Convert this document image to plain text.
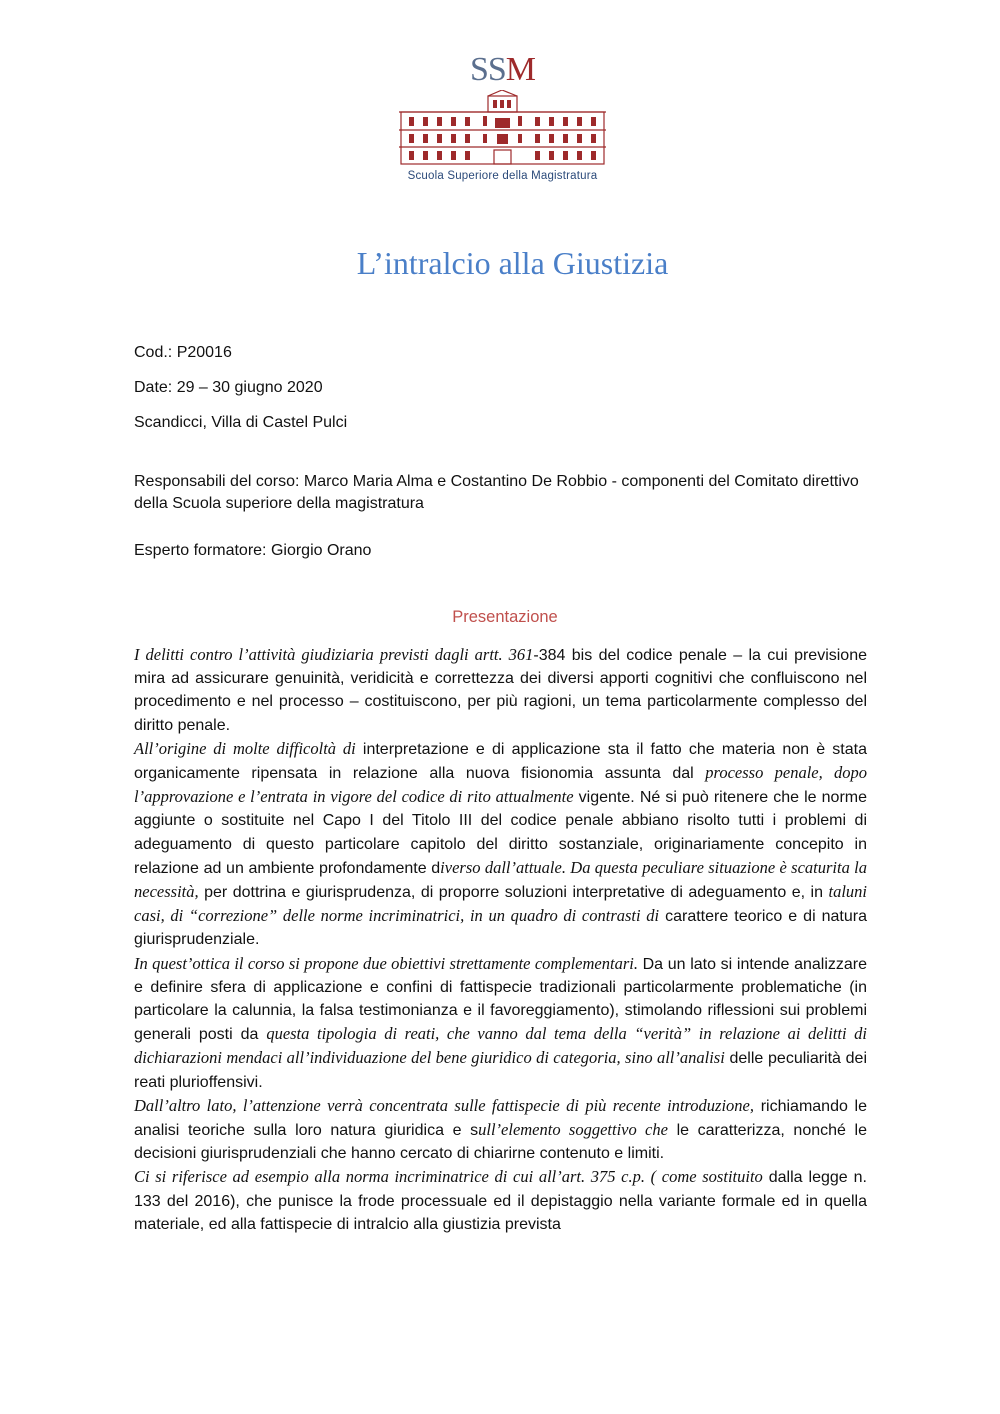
SSM
Scuola Superiore della Magistratura
L’intralcio alla Giustizia
Cod.: P20016
Date: 29 – 30 giugno 2020
Scandicci, Villa di Castel Pulci
Responsabili del corso: Marco Maria Alma e Costantino De Robbio - componenti del Comitato direttivo della Scuola superiore della magistratura
Esperto formatore: Giorgio Orano
Presentazione

I delitti contro l’attività giudiziaria previsti dagli artt. 361-384 bis del codice penale – la cui previsione mira ad assicurare genuinità, veridicità e correttezza dei diversi apporti cognitivi che confluiscono nel procedimento e nel processo – costituiscono, per più ragioni, un tema particolarmente complesso del diritto penale.

All’origine di molte difficoltà di interpretazione e di applicazione sta il fatto che materia non è stata organicamente ripensata in relazione alla nuova fisionomia assunta dal processo penale, dopo l’approvazione e l’entrata in vigore del codice di rito attualmente vigente. Né si può ritenere che le norme aggiunte o sostituite nel Capo I del Titolo III del codice penale abbiano risolto tutti i problemi di adeguamento di questo particolare capitolo del diritto sostanziale, originariamente concepito in relazione ad un ambiente profondamente diverso dall’attuale. Da questa peculiare situazione è scaturita la necessità, per dottrina e giurisprudenza, di proporre soluzioni interpretative di adeguamento e, in taluni casi, di “correzione” delle norme incriminatrici, in un quadro di contrasti di carattere teorico e di natura giurisprudenziale.

In quest’ottica il corso si propone due obiettivi strettamente complementari. Da un lato si intende analizzare e definire sfera di applicazione e confini di fattispecie tradizionali particolarmente problematiche (in particolare la calunnia, la falsa testimonianza e il favoreggiamento), stimolando riflessioni sui problemi generali posti da questa tipologia di reati, che vanno dal tema della “verità” in relazione ai delitti di dichiarazioni mendaci all’individuazione del bene giuridico di categoria, sino all’analisi delle peculiarità dei reati plurioffensivi.

Dall’altro lato, l’attenzione verrà concentrata sulle fattispecie di più recente introduzione, richiamando le analisi teoriche sulla loro natura giuridica e sull’elemento soggettivo che le caratterizza, nonché le decisioni giurisprudenziali che hanno cercato di chiarirne contenuto e limiti.

Ci si riferisce ad esempio alla norma incriminatrice di cui all’art. 375 c.p. ( come sostituito dalla legge n. 133 del 2016), che punisce la frode processuale ed il depistaggio nella variante formale ed in quella materiale, ed alla fattispecie di intralcio alla giustizia prevista
